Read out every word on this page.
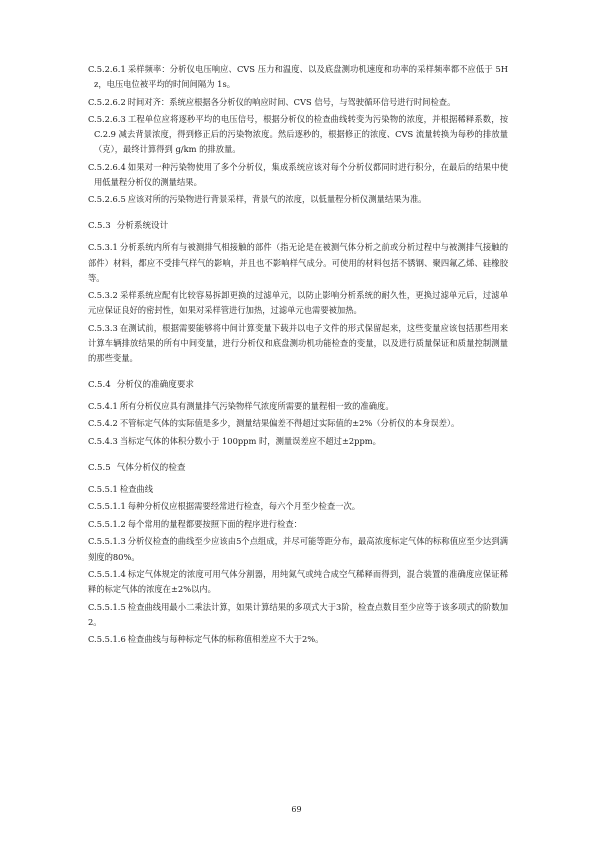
C.5.2.6.1 采样频率：分析仪电压响应、CVS 压力和温度、以及底盘测功机速度和功率的采样频率都不应低于 5Hz，电压电位被平均的时间间隔为 1s。

C.5.2.6.2 时间对齐：系统应根据各分析仪的响应时间、CVS 信号，与驾驶循环信号进行时间检查。

C.5.2.6.3 工程单位应将逐秒平均的电压信号，根据分析仪的检查曲线转变为污染物的浓度，并根据稀释系数，按 C.2.9 减去背景浓度，得到修正后的污染物浓度。然后逐秒的，根据修正的浓度、CVS 流量转换为每秒的排放量（克），最终计算得到 g/km 的排放量。

C.5.2.6.4 如果对一种污染物使用了多个分析仪，集成系统应该对每个分析仪都同时进行积分，在最后的结果中使用低量程分析仪的测量结果。

C.5.2.6.5 应该对所的污染物进行背景采样，背景气的浓度，以低量程分析仪测量结果为准。

C.5.3 分析系统设计

C.5.3.1 分析系统内所有与被测排气相接触的部件（指无论是在被测气体分析之前或分析过程中与被测排气接触的部件）材料，都应不受排气样气的影响，并且也不影响样气成分。可使用的材料包括不锈钢、聚四氟乙烯、硅橡胶等。

C.5.3.2 采样系统应配有比较容易拆卸更换的过滤单元，以防止影响分析系统的耐久性，更换过滤单元后，过滤单元应保证良好的密封性，如果对采样管进行加热，过滤单元也需要被加热。

C.5.3.3 在测试前，根据需要能够将中间计算变量下载并以电子文件的形式保留起来，这些变量应该包括那些用来计算车辆排放结果的所有中间变量，进行分析仪和底盘测功机功能检查的变量，以及进行质量保证和质量控制测量的那些变量。

C.5.4 分析仪的准确度要求

C.5.4.1 所有分析仪应具有测量排气污染物样气浓度所需要的量程相一致的准确度。

C.5.4.2 不管标定气体的实际值是多少，测量结果偏差不得超过实际值的±2%（分析仪的本身误差）。

C.5.4.3 当标定气体的体积分数小于 100ppm 时，测量误差应不超过±2ppm。

C.5.5 气体分析仪的检查

C.5.5.1 检查曲线

C.5.5.1.1 每种分析仪应根据需要经常进行检查，每六个月至少检查一次。

C.5.5.1.2 每个常用的量程都要按照下面的程序进行检查：

C.5.5.1.3 分析仪检查的曲线至少应该由5个点组成，并尽可能等距分布，最高浓度标定气体的标称值应至少达到满刻度的80%。

C.5.5.1.4 标定气体规定的浓度可用气体分割器，用纯氮气或纯合成空气稀释而得到，混合装置的准确度应保证稀释的标定气体的浓度在±2%以内。

C.5.5.1.5 检查曲线用最小二乘法计算，如果计算结果的多项式大于3阶，检查点数目至少应等于该多项式的阶数加2。

C.5.5.1.6 检查曲线与每种标定气体的标称值相差应不大于2%。

69
